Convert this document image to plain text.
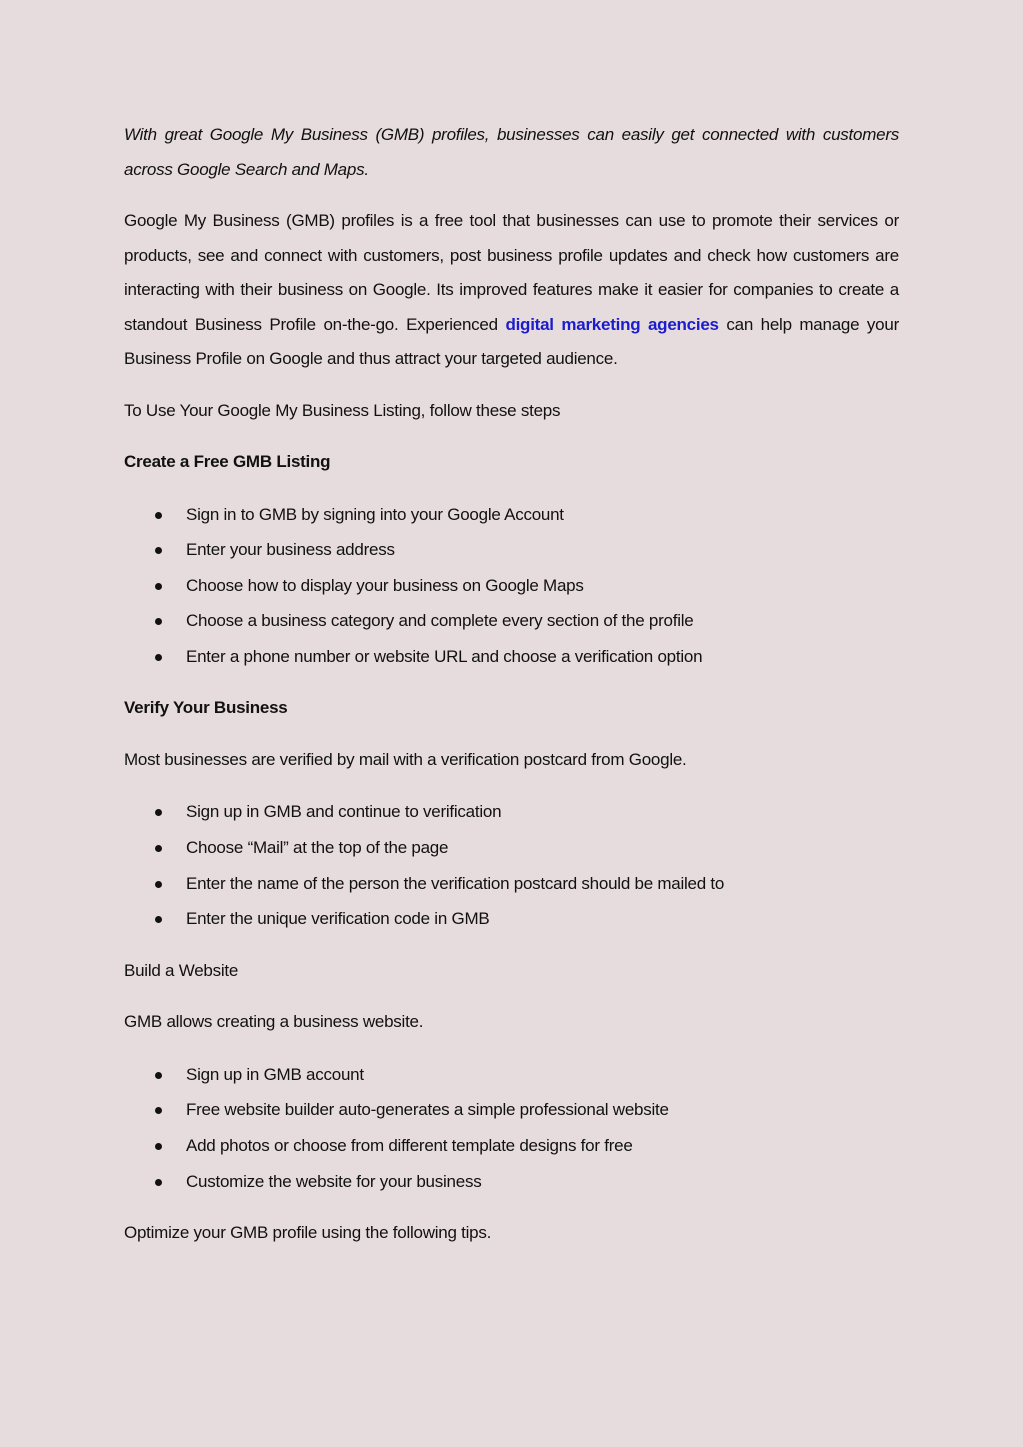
With great Google My Business (GMB) profiles, businesses can easily get connected with customers across Google Search and Maps.

Google My Business (GMB) profiles is a free tool that businesses can use to promote their services or products, see and connect with customers, post business profile updates and check how customers are interacting with their business on Google. Its improved features make it easier for companies to create a standout Business Profile on-the-go. Experienced digital marketing agencies can help manage your Business Profile on Google and thus attract your targeted audience.

To Use Your Google My Business Listing, follow these steps

Create a Free GMB Listing

Sign in to GMB by signing into your Google Account
Enter your business address
Choose how to display your business on Google Maps
Choose a business category and complete every section of the profile
Enter a phone number or website URL and choose a verification option

Verify Your Business

Most businesses are verified by mail with a verification postcard from Google.

Sign up in GMB and continue to verification
Choose “Mail” at the top of the page
Enter the name of the person the verification postcard should be mailed to
Enter the unique verification code in GMB

Build a Website

GMB allows creating a business website.

Sign up in GMB account
Free website builder auto-generates a simple professional website
Add photos or choose from different template designs for free
Customize the website for your business

Optimize your GMB profile using the following tips.
